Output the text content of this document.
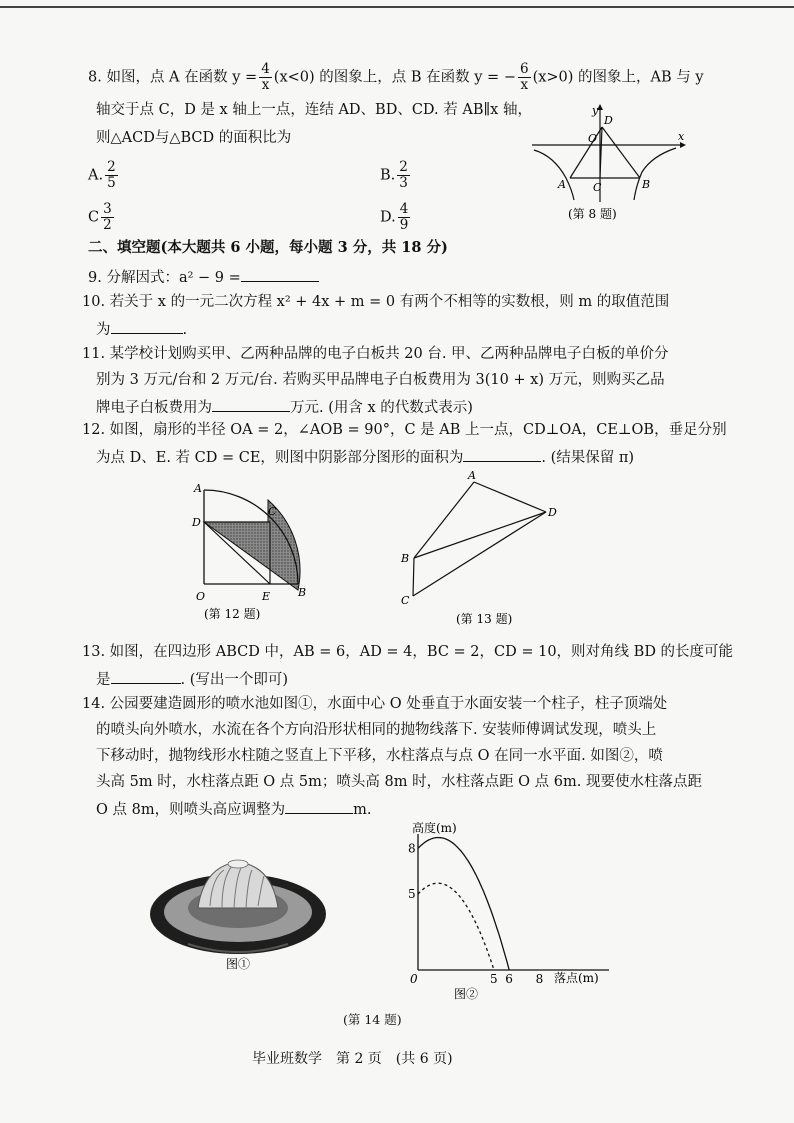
8. 如图，点 A 在函数 $y = \frac{4}{x} (x<0)$ 的图象上，点 B 在函数 y = − $\frac{6}{x} (x>0)$ 的图象上，AB 与 y
轴交于点 C，D 是 x 轴上一点，连结 AD、BD、CD. 若 AB∥x 轴，
则△ACD与△BCD 的面积比为
A. $\frac{2}{5}$	B. $\frac{2}{3}$
C $\frac{3}{2}$	D. $\frac{4}{9}$
y
D
O	x
A C	B
(第 8 题)
二、填空题(本大题共 6 小题，每小题 3 分，共 18 分)
9. 分解因式：a² − 9 =
10. 若关于 x 的一元二次方程 x² + 4x + m = 0 有两个不相等的实数根，则 m 的取值范围
为	.
11. 某学校计划购买甲、乙两种品牌的电子白板共 20 台. 甲、乙两种品牌电子白板的单价分
别为 3 万元/台和 2 万元/台. 若购买甲品牌电子白板费用为 3(10 + x) 万元，则购买乙品
牌电子白板费用为	万元. (用含 x 的代数式表示)
12. 如图，扇形的半径 OA = 2，∠AOB = 90°，C 是 AB 上一点，CD⊥OA，CE⊥OB，垂足分别
为点 D、E. 若 CD = CE，则图中阴影部分图形的面积为	. (结果保留 π)
A
D
C
O	E	B
(第 12 题)
A
D
B
C
(第 13 题)
13. 如图，在四边形 ABCD 中，AB = 6，AD = 4，BC = 2，CD = 10，则对角线 BD 的长度可能
是	. (写出一个即可)
14. 公园要建造圆形的喷水池如图①，水面中心 O 处垂直于水面安装一个柱子，柱子顶端处
的喷头向外喷水，水流在各个方向沿形状相同的抛物线落下. 安装师傅调试发现，喷头上
下移动时，抛物线形水柱随之竖直上下平移，水柱落点与点 O 在同一水平面. 如图②，喷
头高 5m 时，水柱落点距 O 点 5m；喷头高 8m 时，水柱落点距 O 点 6m. 现要使水柱落点距
O 点 8m，则喷头高应调整为	m.
图①
高度(m)
落点(m)
图②
0	5 6 8
5
8
(第 14 题)
毕业班数学　第 2 页　(共 6 页)
